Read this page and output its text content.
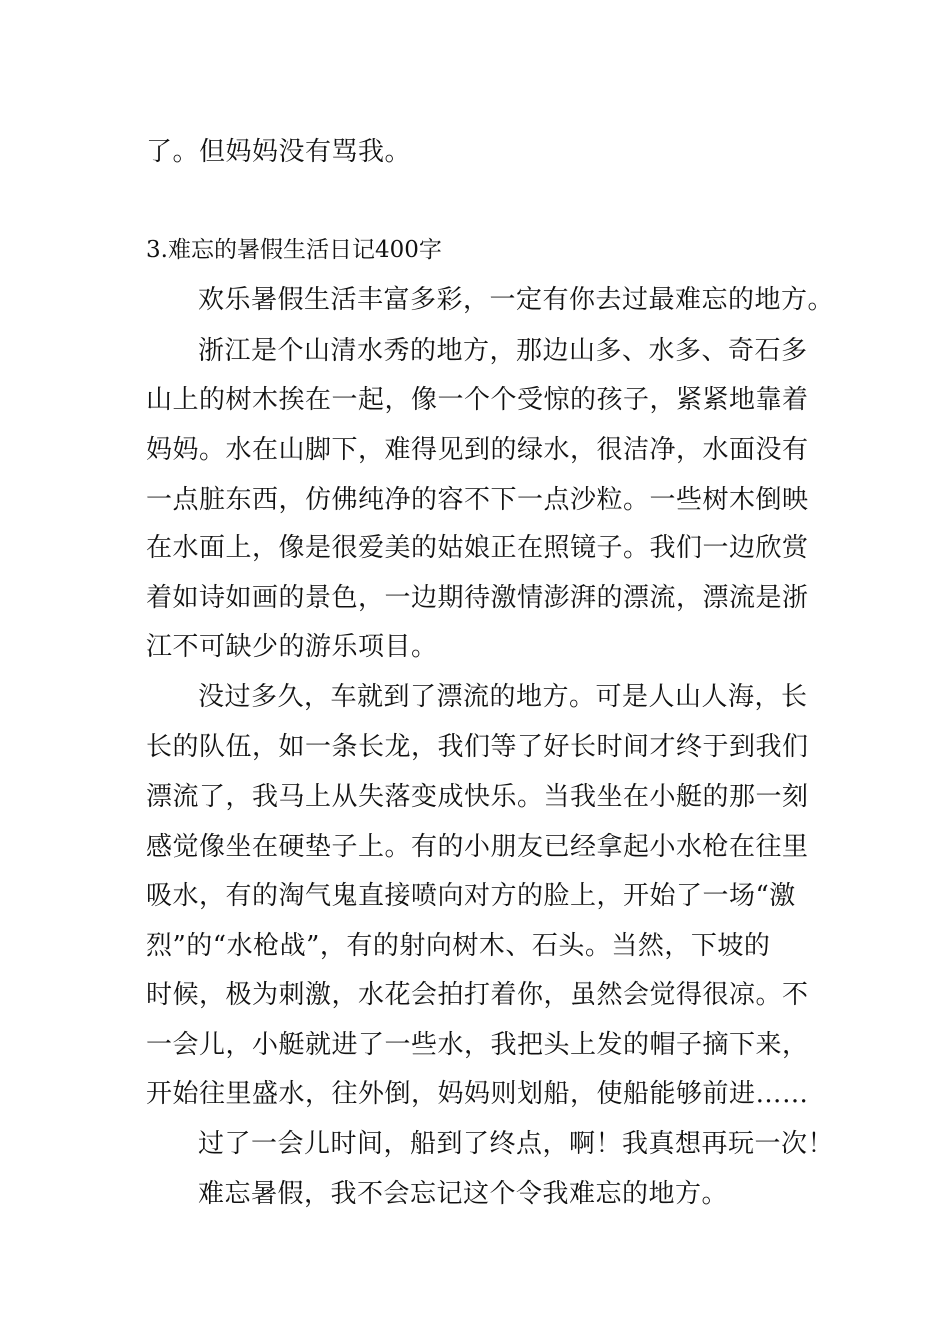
了。但妈妈没有骂我。
3.难忘的暑假生活日记400字
欢乐暑假生活丰富多彩，一定有你去过最难忘的地方。
浙江是个山清水秀的地方，那边山多、水多、奇石多
山上的树木挨在一起，像一个个受惊的孩子，紧紧地靠着
妈妈。水在山脚下，难得见到的绿水，很洁净，水面没有
一点脏东西，仿佛纯净的容不下一点沙粒。一些树木倒映
在水面上，像是很爱美的姑娘正在照镜子。我们一边欣赏
着如诗如画的景色，一边期待激情澎湃的漂流，漂流是浙
江不可缺少的游乐项目。
没过多久，车就到了漂流的地方。可是人山人海，长
长的队伍，如一条长龙，我们等了好长时间才终于到我们
漂流了，我马上从失落变成快乐。当我坐在小艇的那一刻
感觉像坐在硬垫子上。有的小朋友已经拿起小水枪在往里
吸水，有的淘气鬼直接喷向对方的脸上，开始了一场“激
烈”的“水枪战”，有的射向树木、石头。当然，下坡的
时候，极为刺激，水花会拍打着你，虽然会觉得很凉。不
一会儿，小艇就进了一些水，我把头上发的帽子摘下来，
开始往里盛水，往外倒，妈妈则划船，使船能够前进……
过了一会儿时间，船到了终点，啊！我真想再玩一次！
难忘暑假，我不会忘记这个令我难忘的地方。
